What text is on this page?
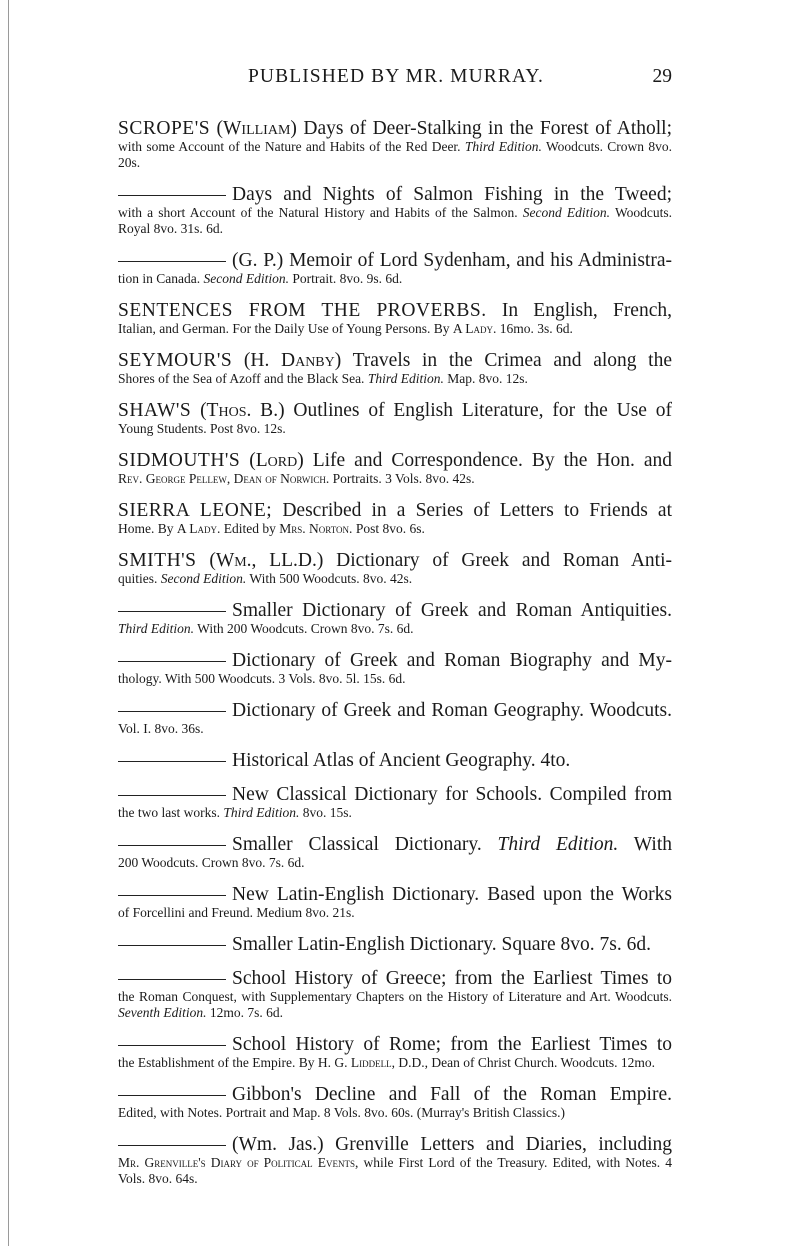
PUBLISHED BY MR. MURRAY.	29
SCROPE'S (William) Days of Deer-Stalking in the Forest of Atholl;
with some Account of the Nature and Habits of the Red Deer. Third Edition. Woodcuts. Crown 8vo. 20s.
Days and Nights of Salmon Fishing in the Tweed;
with a short Account of the Natural History and Habits of the Salmon. Second Edition. Woodcuts. Royal 8vo. 31s. 6d.
(G. P.) Memoir of Lord Sydenham, and his Administra-
tion in Canada. Second Edition. Portrait. 8vo. 9s. 6d.
SENTENCES FROM THE PROVERBS. In English, French,
Italian, and German. For the Daily Use of Young Persons. By A Lady. 16mo. 3s. 6d.
SEYMOUR'S (H. Danby) Travels in the Crimea and along the
Shores of the Sea of Azoff and the Black Sea. Third Edition. Map. 8vo. 12s.
SHAW'S (Thos. B.) Outlines of English Literature, for the Use of
Young Students. Post 8vo. 12s.
SIDMOUTH'S (Lord) Life and Correspondence. By the Hon. and
Rev. George Pellew, Dean of Norwich. Portraits. 3 Vols. 8vo. 42s.
SIERRA LEONE; Described in a Series of Letters to Friends at
Home. By A Lady. Edited by Mrs. Norton. Post 8vo. 6s.
SMITH'S (Wm., LL.D.) Dictionary of Greek and Roman Anti-
quities. Second Edition. With 500 Woodcuts. 8vo. 42s.
Smaller Dictionary of Greek and Roman Antiquities.
Third Edition. With 200 Woodcuts. Crown 8vo. 7s. 6d.
Dictionary of Greek and Roman Biography and My-
thology. With 500 Woodcuts. 3 Vols. 8vo. 5l. 15s. 6d.
Dictionary of Greek and Roman Geography. Woodcuts.
Vol. I. 8vo. 36s.
Historical Atlas of Ancient Geography. 4to.
New Classical Dictionary for Schools. Compiled from
the two last works. Third Edition. 8vo. 15s.
Smaller Classical Dictionary. Third Edition. With
200 Woodcuts. Crown 8vo. 7s. 6d.
New Latin-English Dictionary. Based upon the Works
of Forcellini and Freund. Medium 8vo. 21s.
Smaller Latin-English Dictionary. Square 8vo. 7s. 6d.
School History of Greece; from the Earliest Times to
the Roman Conquest, with Supplementary Chapters on the History of Literature and Art. Woodcuts. Seventh Edition. 12mo. 7s. 6d.
School History of Rome; from the Earliest Times to
the Establishment of the Empire. By H. G. Liddell, D.D., Dean of Christ Church. Woodcuts. 12mo.
Gibbon's Decline and Fall of the Roman Empire.
Edited, with Notes. Portrait and Map. 8 Vols. 8vo. 60s. (Murray's British Classics.)
(Wm. Jas.) Grenville Letters and Diaries, including
Mr. Grenville's Diary of Political Events, while First Lord of the Treasury. Edited, with Notes. 4 Vols. 8vo. 64s.
